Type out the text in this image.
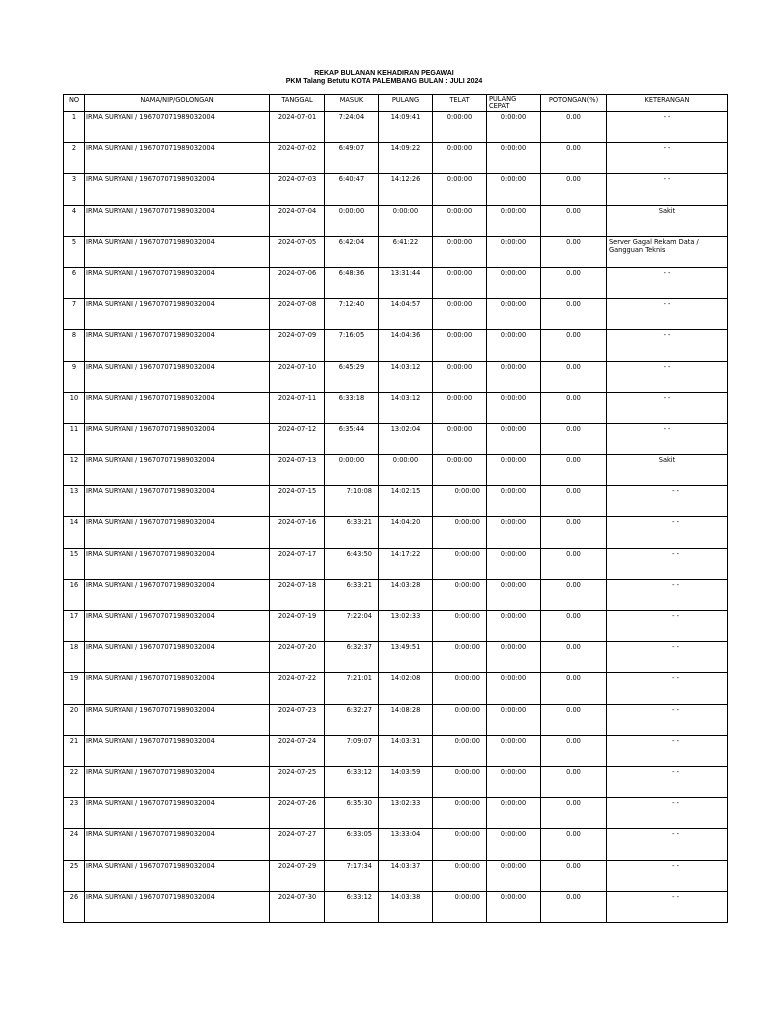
REKAP BULANAN KEHADIRAN PEGAWAI
PKM Talang Betutu KOTA PALEMBANG BULAN : JULI 2024
NO	NAMA/NIP/GOLONGAN	TANGGAL	MASUK	PULANG	TELAT	PULANG CEPAT	POTONGAN(%)	KETERANGAN
1	IRMA SURYANI / 196707071989032004	2024-07-01	7:24:04	14:09:41	0:00:00	0:00:00	0.00	- -
2	IRMA SURYANI / 196707071989032004	2024-07-02	6:49:07	14:09:22	0:00:00	0:00:00	0.00	- -
3	IRMA SURYANI / 196707071989032004	2024-07-03	6:40:47	14:12:26	0:00:00	0:00:00	0.00	- -
4	IRMA SURYANI / 196707071989032004	2024-07-04	0:00:00	0:00:00	0:00:00	0:00:00	0.00	Sakit
5	IRMA SURYANI / 196707071989032004	2024-07-05	6:42:04	6:41:22	0:00:00	0:00:00	0.00	Server Gagal Rekam Data / Gangguan Teknis
6	IRMA SURYANI / 196707071989032004	2024-07-06	6:48:36	13:31:44	0:00:00	0:00:00	0.00	- -
7	IRMA SURYANI / 196707071989032004	2024-07-08	7:12:40	14:04:57	0:00:00	0:00:00	0.00	- -
8	IRMA SURYANI / 196707071989032004	2024-07-09	7:16:05	14:04:36	0:00:00	0:00:00	0.00	- -
9	IRMA SURYANI / 196707071989032004	2024-07-10	6:45:29	14:03:12	0:00:00	0:00:00	0.00	- -
10	IRMA SURYANI / 196707071989032004	2024-07-11	6:33:18	14:03:12	0:00:00	0:00:00	0.00	- -
11	IRMA SURYANI / 196707071989032004	2024-07-12	6:35:44	13:02:04	0:00:00	0:00:00	0.00	- -
12	IRMA SURYANI / 196707071989032004	2024-07-13	0:00:00	0:00:00	0:00:00	0:00:00	0.00	Sakit
13	IRMA SURYANI / 196707071989032004	2024-07-15	7:10:08	14:02:15	0:00:00	0:00:00	0.00	- -
14	IRMA SURYANI / 196707071989032004	2024-07-16	6:33:21	14:04:20	0:00:00	0:00:00	0.00	- -
15	IRMA SURYANI / 196707071989032004	2024-07-17	6:43:50	14:17:22	0:00:00	0:00:00	0.00	- -
16	IRMA SURYANI / 196707071989032004	2024-07-18	6:33:21	14:03:28	0:00:00	0:00:00	0.00	- -
17	IRMA SURYANI / 196707071989032004	2024-07-19	7:22:04	13:02:33	0:00:00	0:00:00	0.00	- -
18	IRMA SURYANI / 196707071989032004	2024-07-20	6:32:37	13:49:51	0:00:00	0:00:00	0.00	- -
19	IRMA SURYANI / 196707071989032004	2024-07-22	7:21:01	14:02:08	0:00:00	0:00:00	0.00	- -
20	IRMA SURYANI / 196707071989032004	2024-07-23	6:32:27	14:08:28	0:00:00	0:00:00	0.00	- -
21	IRMA SURYANI / 196707071989032004	2024-07-24	7:09:07	14:03:31	0:00:00	0:00:00	0.00	- -
22	IRMA SURYANI / 196707071989032004	2024-07-25	6:33:12	14:03:59	0:00:00	0:00:00	0.00	- -
23	IRMA SURYANI / 196707071989032004	2024-07-26	6:35:30	13:02:33	0:00:00	0:00:00	0.00	- -
24	IRMA SURYANI / 196707071989032004	2024-07-27	6:33:05	13:33:04	0:00:00	0:00:00	0.00	- -
25	IRMA SURYANI / 196707071989032004	2024-07-29	7:17:34	14:03:37	0:00:00	0:00:00	0.00	- -
26	IRMA SURYANI / 196707071989032004	2024-07-30	6:33:12	14:03:38	0:00:00	0:00:00	0.00	- -
